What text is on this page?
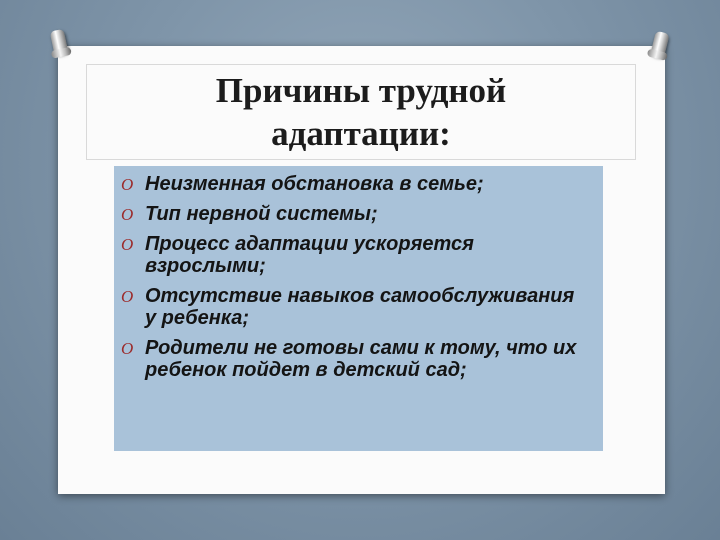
Причины трудной адаптации:
O Неизменная обстановка в семье;
O Тип нервной системы;
O Процесс адаптации ускоряется взрослыми;
O Отсутствие навыков самообслуживания у ребенка;
O Родители не готовы сами к тому, что их ребенок пойдет в детский сад;
